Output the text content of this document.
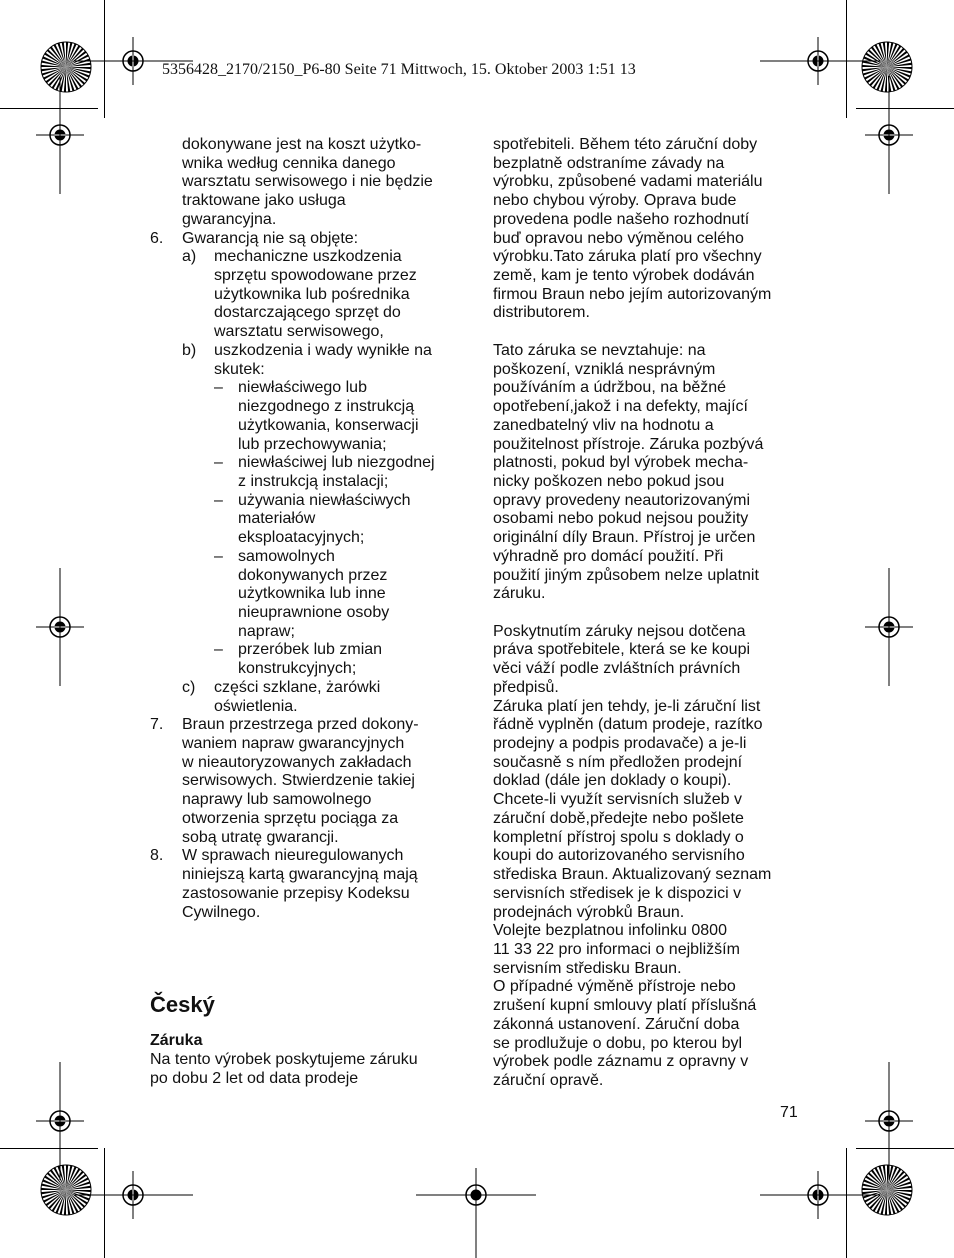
5356428_2170/2150_P6-80 Seite 71 Mittwoch, 15. Oktober 2003 1:51 13
dokonywane jest na koszt użytko-
wnika według cennika danego
warsztatu serwisowego i nie będzie
traktowane jako usługa
gwarancyjna.
6. Gwarancją nie są objęte:
a) mechaniczne uszkodzenia
sprzętu spowodowane przez
użytkownika lub pośrednika
dostarczającego sprzęt do
warsztatu serwisowego,
b) uszkodzenia i wady wynikłe na
skutek:
– niewłaściwego lub
niezgodnego z instrukcją
użytkowania, konserwacji
lub przechowywania;
– niewłaściwej lub niezgodnej
z instrukcją instalacji;
– używania niewłaściwych
materiałów
eksploatacyjnych;
– samowolnych
dokonywanych przez
użytkownika lub inne
nieuprawnione osoby
napraw;
– przeróbek lub zmian
konstrukcyjnych;
c) części szklane, żarówki
oświetlenia.
7. Braun przestrzega przed dokony-
waniem napraw gwarancyjnych
w nieautoryzowanych zakładach
serwisowych. Stwierdzenie takiej
naprawy lub samowolnego
otworzenia sprzętu pociąga za
sobą utratę gwarancji.
8. W sprawach nieuregulowanych
niniejszą kartą gwarancyjną mają
zastosowanie przepisy Kodeksu
Cywilnego.
Český
Záruka
Na tento výrobek poskytujeme záruku
po dobu 2 let od data prodeje
spotřebiteli. Během této záruční doby
bezplatně odstraníme závady na
výrobku, způsobené vadami materiálu
nebo chybou výroby. Oprava bude
provedena podle našeho rozhodnutí
buď opravou nebo výměnou celého
výrobku.Tato záruka platí pro všechny
země, kam je tento výrobek dodáván
firmou Braun nebo jejím autorizovaným
distributorem.
Tato záruka se nevztahuje: na
poškození, vzniklá nesprávným
používáním a údržbou, na běžné
opotřebení,jakož i na defekty, mající
zanedbatelný vliv na hodnotu a
použitelnost přístroje. Záruka pozbývá
platnosti, pokud byl výrobek mecha-
nicky poškozen nebo pokud jsou
opravy provedeny neautorizovanými
osobami nebo pokud nejsou použity
originální díly Braun. Přístroj je určen
výhradně pro domácí použití. Při
použití jiným způsobem nelze uplatnit
záruku.
Poskytnutím záruky nejsou dotčena
práva spotřebitele, která se ke koupi
věci váží podle zvláštních právních
předpisů.
Záruka platí jen tehdy, je-li záruční list
řádně vyplněn (datum prodeje, razítko
prodejny a podpis prodavače) a je-li
současně s ním předložen prodejní
doklad (dále jen doklady o koupi).
Chcete-li využít servisních služeb v
záruční době,předejte nebo pošlete
kompletní přístroj spolu s doklady o
koupi do autorizovaného servisního
střediska Braun. Aktualizovaný seznam
servisních středisek je k dispozici v
prodejnách výrobků Braun.
Volejte bezplatnou infolinku 0800
11 33 22 pro informaci o nejbližším
servisním středisku Braun.
O případné výměně přístroje nebo
zrušení kupní smlouvy platí příslušná
zákonná ustanovení. Záruční doba
se prodlužuje o dobu, po kterou byl
výrobek podle záznamu z opravny v
záruční opravě.
71
